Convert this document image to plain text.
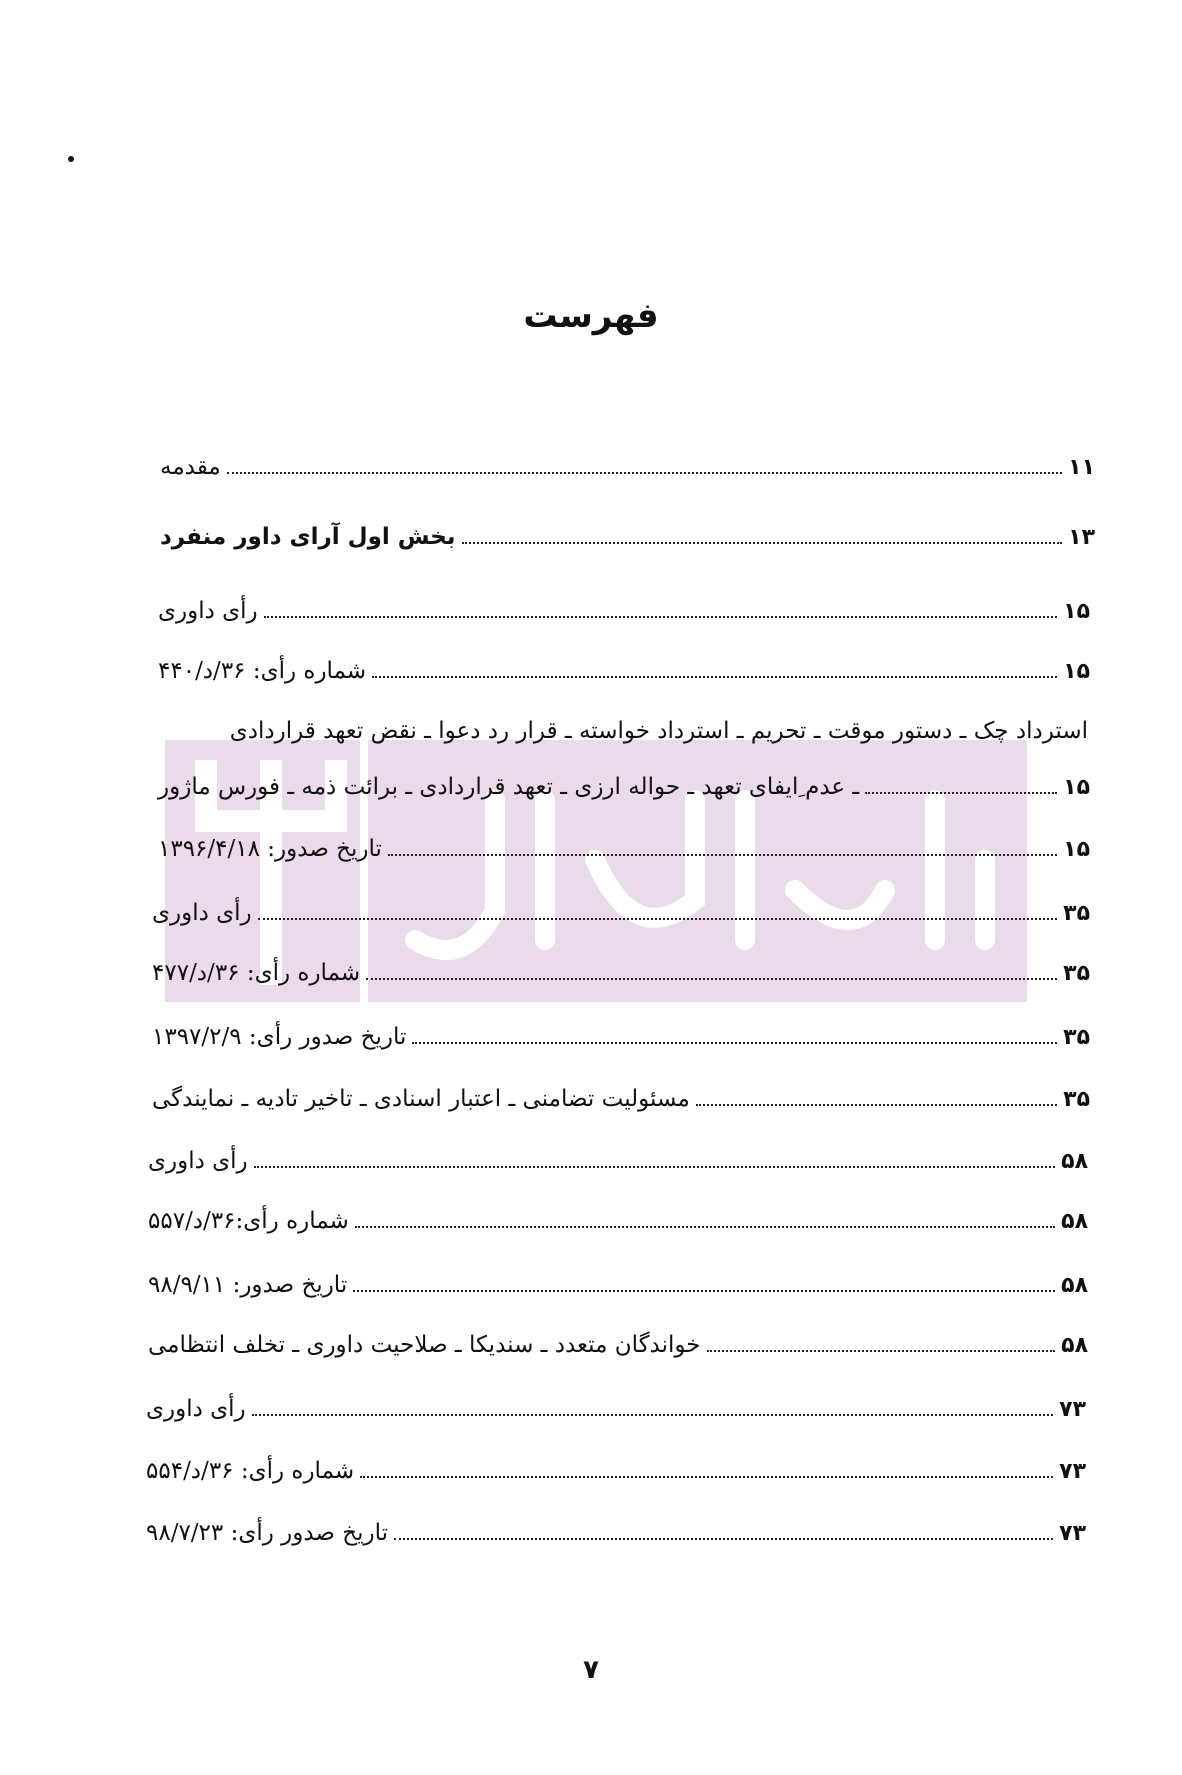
فهرست
مقدمه	۱۱
بخش اول آرای داور منفرد	۱۳
رأی داوری	۱۵
شماره رأی: ۳۶/د/۴۴۰	۱۵
استرداد چک ـ دستور موقت ـ تحریم ـ استرداد خواسته ـ قرار رد دعوا ـ نقض تعهد قراردادی
ـ عدم ِایفای تعهد ـ حواله ارزی ـ تعهد قراردادی ـ برائت ذمه ـ فورس ماژور	۱۵
تاریخ صدور: ۱۳۹۶/۴/۱۸	۱۵
رأی داوری	۳۵
شماره رأی: ۳۶/د/۴۷۷	۳۵
تاریخ صدور رأی: ۱۳۹۷/۲/۹	۳۵
مسئولیت تضامنی ـ اعتبار اسنادی ـ تاخیر تادیه ـ نمایندگی	۳۵
رأی داوری	۵۸
شماره رأی:۳۶/د/۵۵۷	۵۸
تاریخ صدور: ۹۸/۹/۱۱	۵۸
خواندگان متعدد ـ سندیکا ـ صلاحیت داوری ـ تخلف انتظامی	۵۸
رأی داوری	۷۳
شماره رأی: ۳۶/د/۵۵۴	۷۳
تاریخ صدور رأی: ۹۸/۷/۲۳	۷۳
۷
